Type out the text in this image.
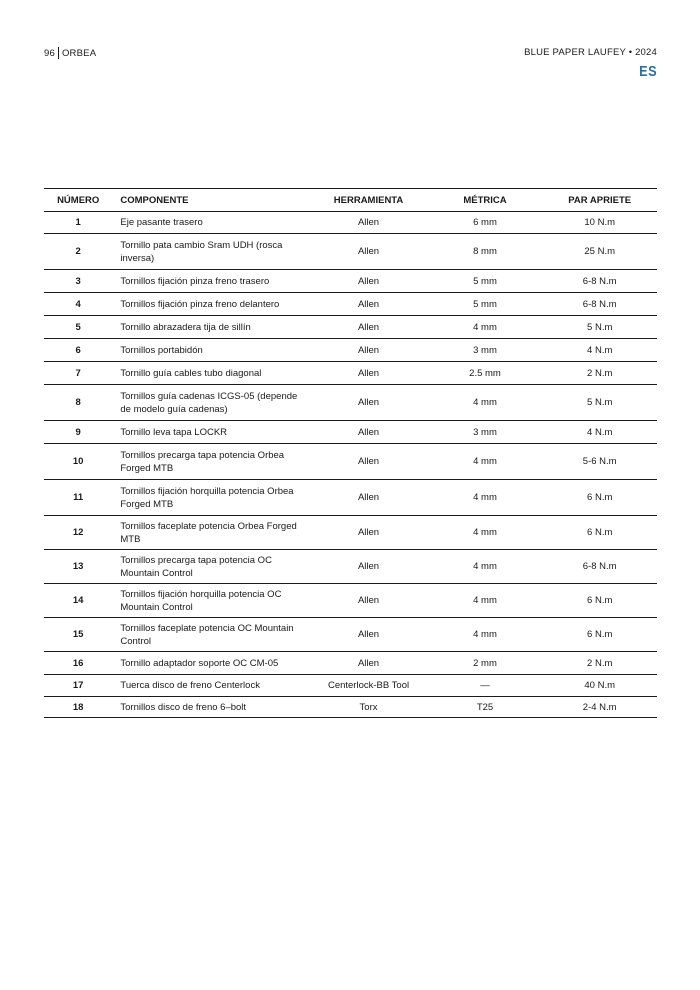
96 ORBEA	BLUE PAPER LAUFEY • 2024
ES
NÚMERO	COMPONENTE	HERRAMIENTA	MÉTRICA	PAR APRIETE
1	Eje pasante trasero	Allen	6 mm	10 N.m
2	Tornillo pata cambio Sram UDH (rosca inversa)	Allen	8 mm	25 N.m
3	Tornillos fijación pinza freno trasero	Allen	5 mm	6-8 N.m
4	Tornillos fijación pinza freno delantero	Allen	5 mm	6-8 N.m
5	Tornillo abrazadera tija de sillín	Allen	4 mm	5 N.m
6	Tornillos portabidón	Allen	3 mm	4 N.m
7	Tornillo guía cables tubo diagonal	Allen	2.5 mm	2 N.m
8	Tornillos guía cadenas ICGS-05 (depende de modelo guía cadenas)	Allen	4 mm	5 N.m
9	Tornillo leva tapa LOCKR	Allen	3 mm	4 N.m
10	Tornillos precarga tapa potencia Orbea Forged MTB	Allen	4 mm	5-6 N.m
11	Tornillos fijación horquilla potencia Orbea Forged MTB	Allen	4 mm	6 N.m
12	Tornillos faceplate potencia Orbea Forged MTB	Allen	4 mm	6 N.m
13	Tornillos precarga tapa potencia OC Mountain Control	Allen	4 mm	6-8 N.m
14	Tornillos fijación horquilla potencia OC Mountain Control	Allen	4 mm	6 N.m
15	Tornillos faceplate potencia OC Mountain Control	Allen	4 mm	6 N.m
16	Tornillo adaptador soporte OC CM-05	Allen	2 mm	2 N.m
17	Tuerca disco de freno Centerlock	Centerlock-BB Tool	—	40 N.m
18	Tornillos disco de freno 6–bolt	Torx	T25	2-4 N.m
